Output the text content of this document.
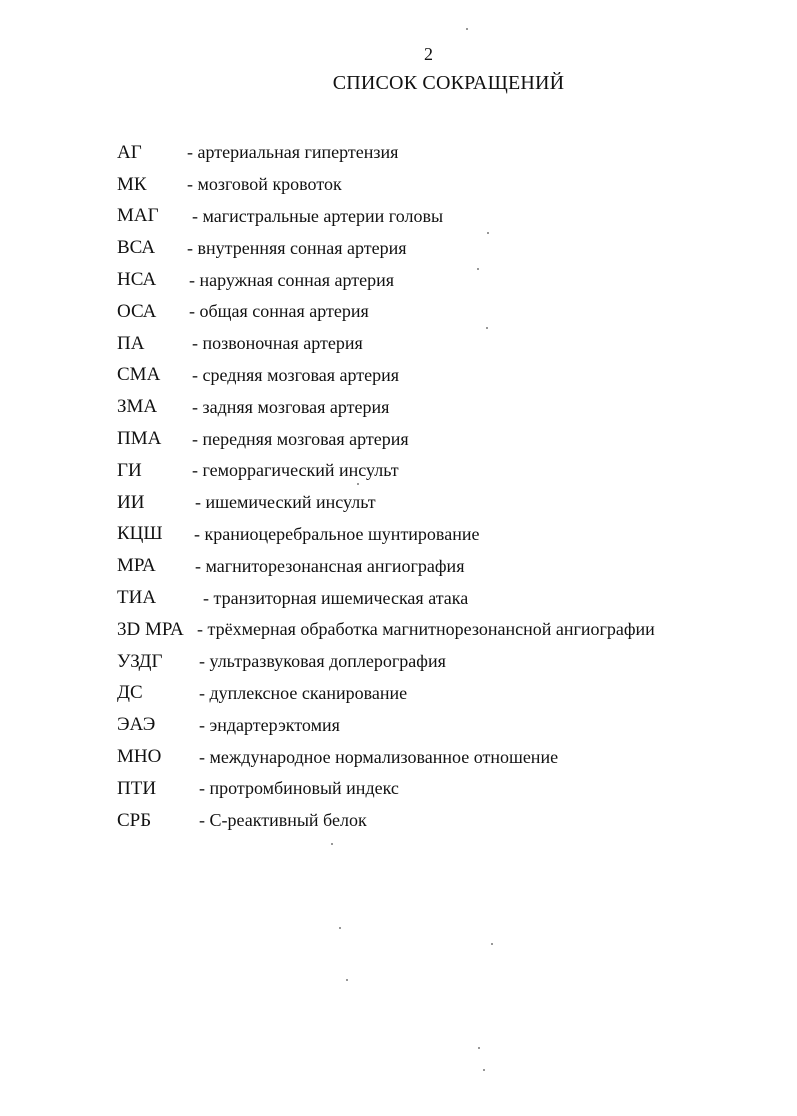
2
СПИСОК СОКРАЩЕНИЙ
АГ	- артериальная гипертензия
МК	- мозговой кровоток
МАГ	- магистральные артерии головы
ВСА	- внутренняя сонная артерия
НСА	- наружная сонная артерия
ОСА	- общая сонная артерия
ПА	- позвоночная артерия
СМА	- средняя мозговая артерия
ЗМА	- задняя мозговая артерия
ПМА	- передняя мозговая артерия
ГИ	- геморрагический инсульт
ИИ	- ишемический инсульт
КЦШ	- краниоцеребральное шунтирование
МРА	- магниторезонансная ангиография
ТИА	- транзиторная ишемическая атака
3D МРА - трёхмерная обработка магнитнорезонансной ангиографии
УЗДГ	- ультразвуковая доплерография
ДС	- дуплексное сканирование
ЭАЭ	- эндартерэктомия
МНО	- международное нормализованное отношение
ПТИ	- протромбиновый индекс
СРБ	- С-реактивный белок
